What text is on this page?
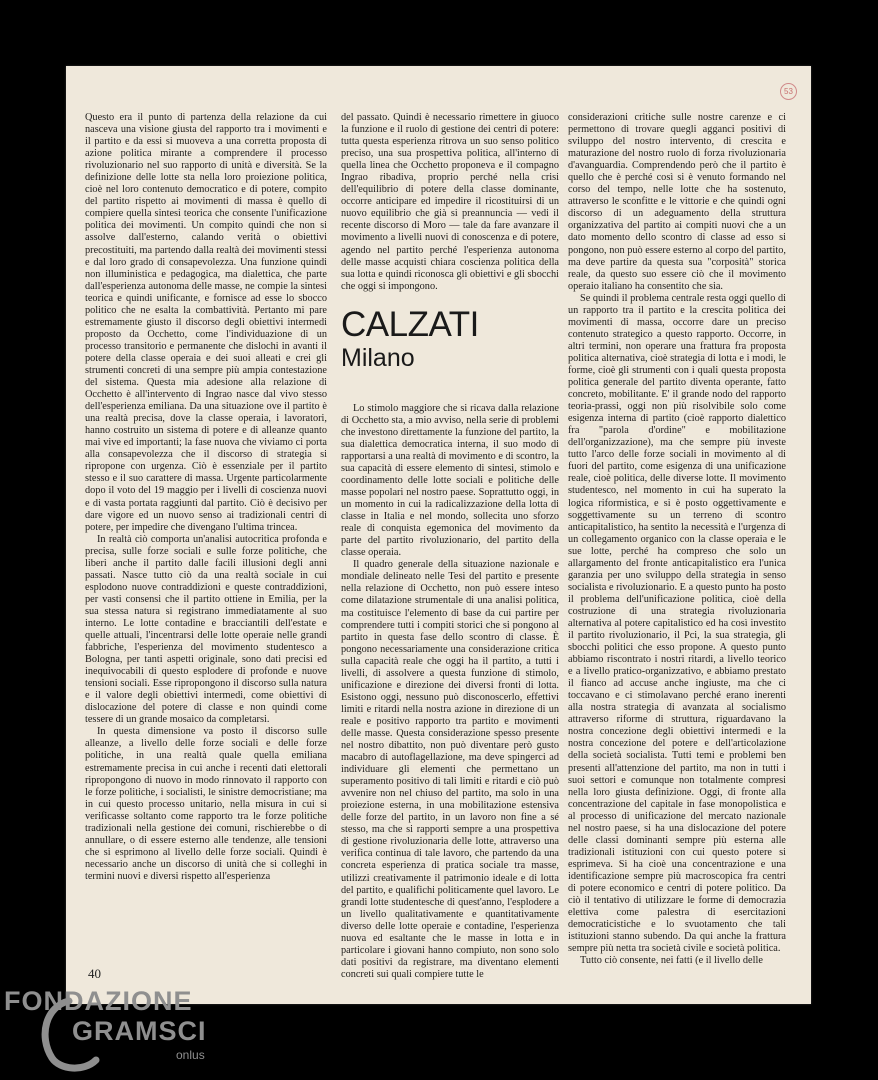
53

Questo era il punto di partenza della relazione da cui nasceva una visione giusta del rapporto tra i movimenti e il partito e da essi si muoveva a una corretta proposta di azione politica mirante a comprendere il processo rivoluzionario nel suo rapporto di unità e diversità. Se la definizione delle lotte sta nella loro proiezione politica, cioè nel loro contenuto democratico e di potere, compito del partito rispetto ai movimenti di massa è quello di compiere quella sintesi teorica che consente l'unificazione politica dei movimenti. Un compito quindi che non si assolve dall'esterno, calando verità o obiettivi precostituiti, ma partendo dalla realtà dei movimenti stessi e dal loro grado di consapevolezza. Una funzione quindi non illuministica e pedagogica, ma dialettica, che parte dall'esperienza autonoma delle masse, ne compie la sintesi teorica e quindi unificante, e fornisce ad esse lo sbocco politico che ne esalta la combattività. Pertanto mi pare estremamente giusto il discorso degli obiettivi intermedi proposto da Occhetto, come l'individuazione di un processo transitorio e permanente che dislochi in avanti il potere della classe operaia e dei suoi alleati e crei gli strumenti concreti di una sempre più ampia contestazione del sistema. Questa mia adesione alla relazione di Occhetto è all'intervento di Ingrao nasce dal vivo stesso dell'esperienza emiliana. Da una situazione ove il partito è una realtà precisa, dove la classe operaia, i lavoratori, hanno costruito un sistema di potere e di alleanze quanto mai vive ed importanti; la fase nuova che viviamo ci porta alla consapevolezza che il discorso di strategia si ripropone con urgenza. Ciò è essenziale per il partito stesso e il suo carattere di massa. Urgente particolarmente dopo il voto del 19 maggio per i livelli di coscienza nuovi e di vasta portata raggiunti dal partito. Ciò è decisivo per dare vigore ed un nuovo senso ai tradizionali centri di potere, per impedire che divengano l'ultima trincea.

In realtà ciò comporta un'analisi autocritica profonda e precisa, sulle forze sociali e sulle forze politiche, che liberi anche il partito dalle facili illusioni degli anni passati. Nasce tutto ciò da una realtà sociale in cui esplodono nuove contraddizioni e queste contraddizioni, per vasti consensi che il partito ottiene in Emilia, per la sua stessa natura si registrano immediatamente al suo interno. Le lotte contadine e bracciantili dell'estate e quelle attuali, l'incentrarsi delle lotte operaie nelle grandi fabbriche, l'esperienza del movimento studentesco a Bologna, per tanti aspetti originale, sono dati precisi ed inequivocabili di questo esplodere di profonde e nuove tensioni sociali. Esse ripropongono il discorso sulla natura e il valore degli obiettivi intermedi, come obiettivi di dislocazione del potere di classe e non quindi come tessere di un grande mosaico da completarsi.

In questa dimensione va posto il discorso sulle alleanze, a livello delle forze sociali e delle forze politiche, in una realtà quale quella emiliana estremamente precisa in cui anche i recenti dati elettorali ripropongono di nuovo in modo rinnovato il rapporto con le forze politiche, i socialisti, le sinistre democristiane; ma in cui questo processo unitario, nella misura in cui si verificasse soltanto come rapporto tra le forze politiche tradizionali nella gestione dei comuni, rischierebbe o di annullare, o di essere esterno alle tendenze, alle tensioni che si esprimono al livello delle forze sociali. Quindi è necessario anche un discorso di unità che si colleghi in termini nuovi e diversi rispetto all'esperienza

del passato. Quindi è necessario rimettere in giuoco la funzione e il ruolo di gestione dei centri di potere: tutta questa esperienza ritrova un suo senso politico preciso, una sua prospettiva politica, all'interno di quella linea che Occhetto proponeva e il compagno Ingrao ribadiva, proprio perché nella crisi dell'equilibrio di potere della classe dominante, occorre anticipare ed impedire il ricostituirsi di un nuovo equilibrio che già si preannuncia — vedi il recente discorso di Moro — tale da fare avanzare il movimento a livelli nuovi di conoscenza e di potere, agendo nel partito perché l'esperienza autonoma delle masse acquisti chiara coscienza politica della sua lotta e quindi riconosca gli obiettivi e gli sbocchi che oggi si impongono.

CALZATI
Milano

Lo stimolo maggiore che si ricava dalla relazione di Occhetto sta, a mio avviso, nella serie di problemi che investono direttamente la funzione del partito, la sua dialettica democratica interna, il suo modo di rapportarsi a una realtà di movimento e di scontro, la sua capacità di essere elemento di sintesi, stimolo e coordinamento delle lotte sociali e politiche delle masse popolari nel nostro paese. Soprattutto oggi, in un momento in cui la radicalizzazione della lotta di classe in Italia e nel mondo, sollecita uno sforzo reale di conquista egemonica del movimento da parte del partito rivoluzionario, del partito della classe operaia.

Il quadro generale della situazione nazionale e mondiale delineato nelle Tesi del partito e presente nella relazione di Occhetto, non può essere inteso come dilatazione strumentale di una analisi politica, ma costituisce l'elemento di base da cui partire per comprendere tutti i compiti storici che si pongono al partito in questa fase dello scontro di classe. È pongono necessariamente una considerazione critica sulla capacità reale che oggi ha il partito, a tutti i livelli, di assolvere a questa funzione di stimolo, unificazione e direzione dei diversi fronti di lotta. Esistono oggi, nessuno può disconoscerlo, effettivi limiti e ritardi nella nostra azione in direzione di un reale e positivo rapporto tra partito e movimenti delle masse. Questa considerazione spesso presente nel nostro dibattito, non può diventare però gusto macabro di autoflagellazione, ma deve spingerci ad individuare gli elementi che permettano un superamento positivo di tali limiti e ritardi e ciò può avvenire non nel chiuso del partito, ma solo in una proiezione esterna, in una mobilitazione estensiva delle forze del partito, in un lavoro non fine a sé stesso, ma che si rapporti sempre a una prospettiva di gestione rivoluzionaria delle lotte, attraverso una verifica continua di tale lavoro, che partendo da una concreta esperienza di pratica sociale tra masse, utilizzi creativamente il patrimonio ideale e di lotta del partito, e qualifichi politicamente quel lavoro. Le grandi lotte studentesche di quest'anno, l'esplodere a un livello qualitativamente e quantitativamente diverso delle lotte operaie e contadine, l'esperienza nuova ed esaltante che le masse in lotta e in particolare i giovani hanno compiuto, non sono solo dati positivi da registrare, ma diventano elementi concreti sui quali compiere tutte le

considerazioni critiche sulle nostre carenze e ci permettono di trovare quegli agganci positivi di sviluppo del nostro intervento, di crescita e maturazione del nostro ruolo di forza rivoluzionaria d'avanguardia. Comprendendo però che il partito è quello che è perché così si è venuto formando nel corso del tempo, nelle lotte che ha sostenuto, attraverso le sconfitte e le vittorie e che quindi ogni discorso di un adeguamento della struttura organizzativa del partito ai compiti nuovi che a un dato momento dello scontro di classe ad esso si pongono, non può essere esterno al corpo del partito, ma deve partire da questa sua "corposità" storica reale, da questo suo essere ciò che il movimento operaio italiano ha consentito che sia.

Se quindi il problema centrale resta oggi quello di un rapporto tra il partito e la crescita politica dei movimenti di massa, occorre dare un preciso contenuto strategico a questo rapporto. Occorre, in altri termini, non operare una frattura fra proposta politica alternativa, cioè strategia di lotta e i modi, le forme, cioè gli strumenti con i quali questa proposta politica generale del partito diventa operante, fatto concreto, mobilitante. E' il grande nodo del rapporto teoria-prassi, oggi non più risolvibile solo come esigenza interna di partito (cioè rapporto dialettico fra "parola d'ordine" e mobilitazione dell'organizzazione), ma che sempre più investe tutto l'arco delle forze sociali in movimento al di fuori del partito, come esigenza di una unificazione reale, cioè politica, delle diverse lotte. Il movimento studentesco, nel momento in cui ha superato la logica riformistica, e si è posto oggettivamente e soggettivamente su un terreno di scontro anticapitalistico, ha sentito la necessità e l'urgenza di un collegamento organico con la classe operaia e le sue lotte, perché ha compreso che solo un allargamento del fronte anticapitalistico era l'unica garanzia per uno sviluppo della strategia in senso socialista e rivoluzionario. E a questo punto ha posto il problema dell'unificazione politica, cioè della costruzione di una strategia rivoluzionaria alternativa al potere capitalistico ed ha così investito il partito rivoluzionario, il Pci, la sua strategia, gli sbocchi politici che esso propone. A questo punto abbiamo riscontrato i nostri ritardi, a livello teorico e a livello pratico-organizzativo, e abbiamo prestato il fianco ad accuse anche ingiuste, ma che ci toccavano e ci stimolavano perché erano inerenti alla nostra strategia di avanzata al socialismo attraverso riforme di struttura, riguardavano la nostra concezione degli obiettivi intermedi e la nostra concezione del potere e dell'articolazione della società socialista. Tutti temi e problemi ben presenti all'attenzione del partito, ma non in tutti i suoi settori e comunque non totalmente compresi nella loro giusta definizione. Oggi, di fronte alla concentrazione del capitale in fase monopolistica e al processo di unificazione del mercato nazionale nel nostro paese, si ha una dislocazione del potere delle classi dominanti sempre più esterna alle tradizionali istituzioni con cui questo potere si esprimeva. Si ha cioè una concentrazione e una identificazione sempre più macroscopica fra centri di potere economico e centri di potere politico. Da ciò il tentativo di utilizzare le forme di democrazia elettiva come palestra di esercitazioni democraticistiche e lo svuotamento che tali istituzioni stanno subendo. Da qui anche la frattura sempre più netta tra società civile e società politica.

Tutto ciò consente, nei fatti (e il livello delle

40
FONDAZIONE
GRAMSCI
onlus
